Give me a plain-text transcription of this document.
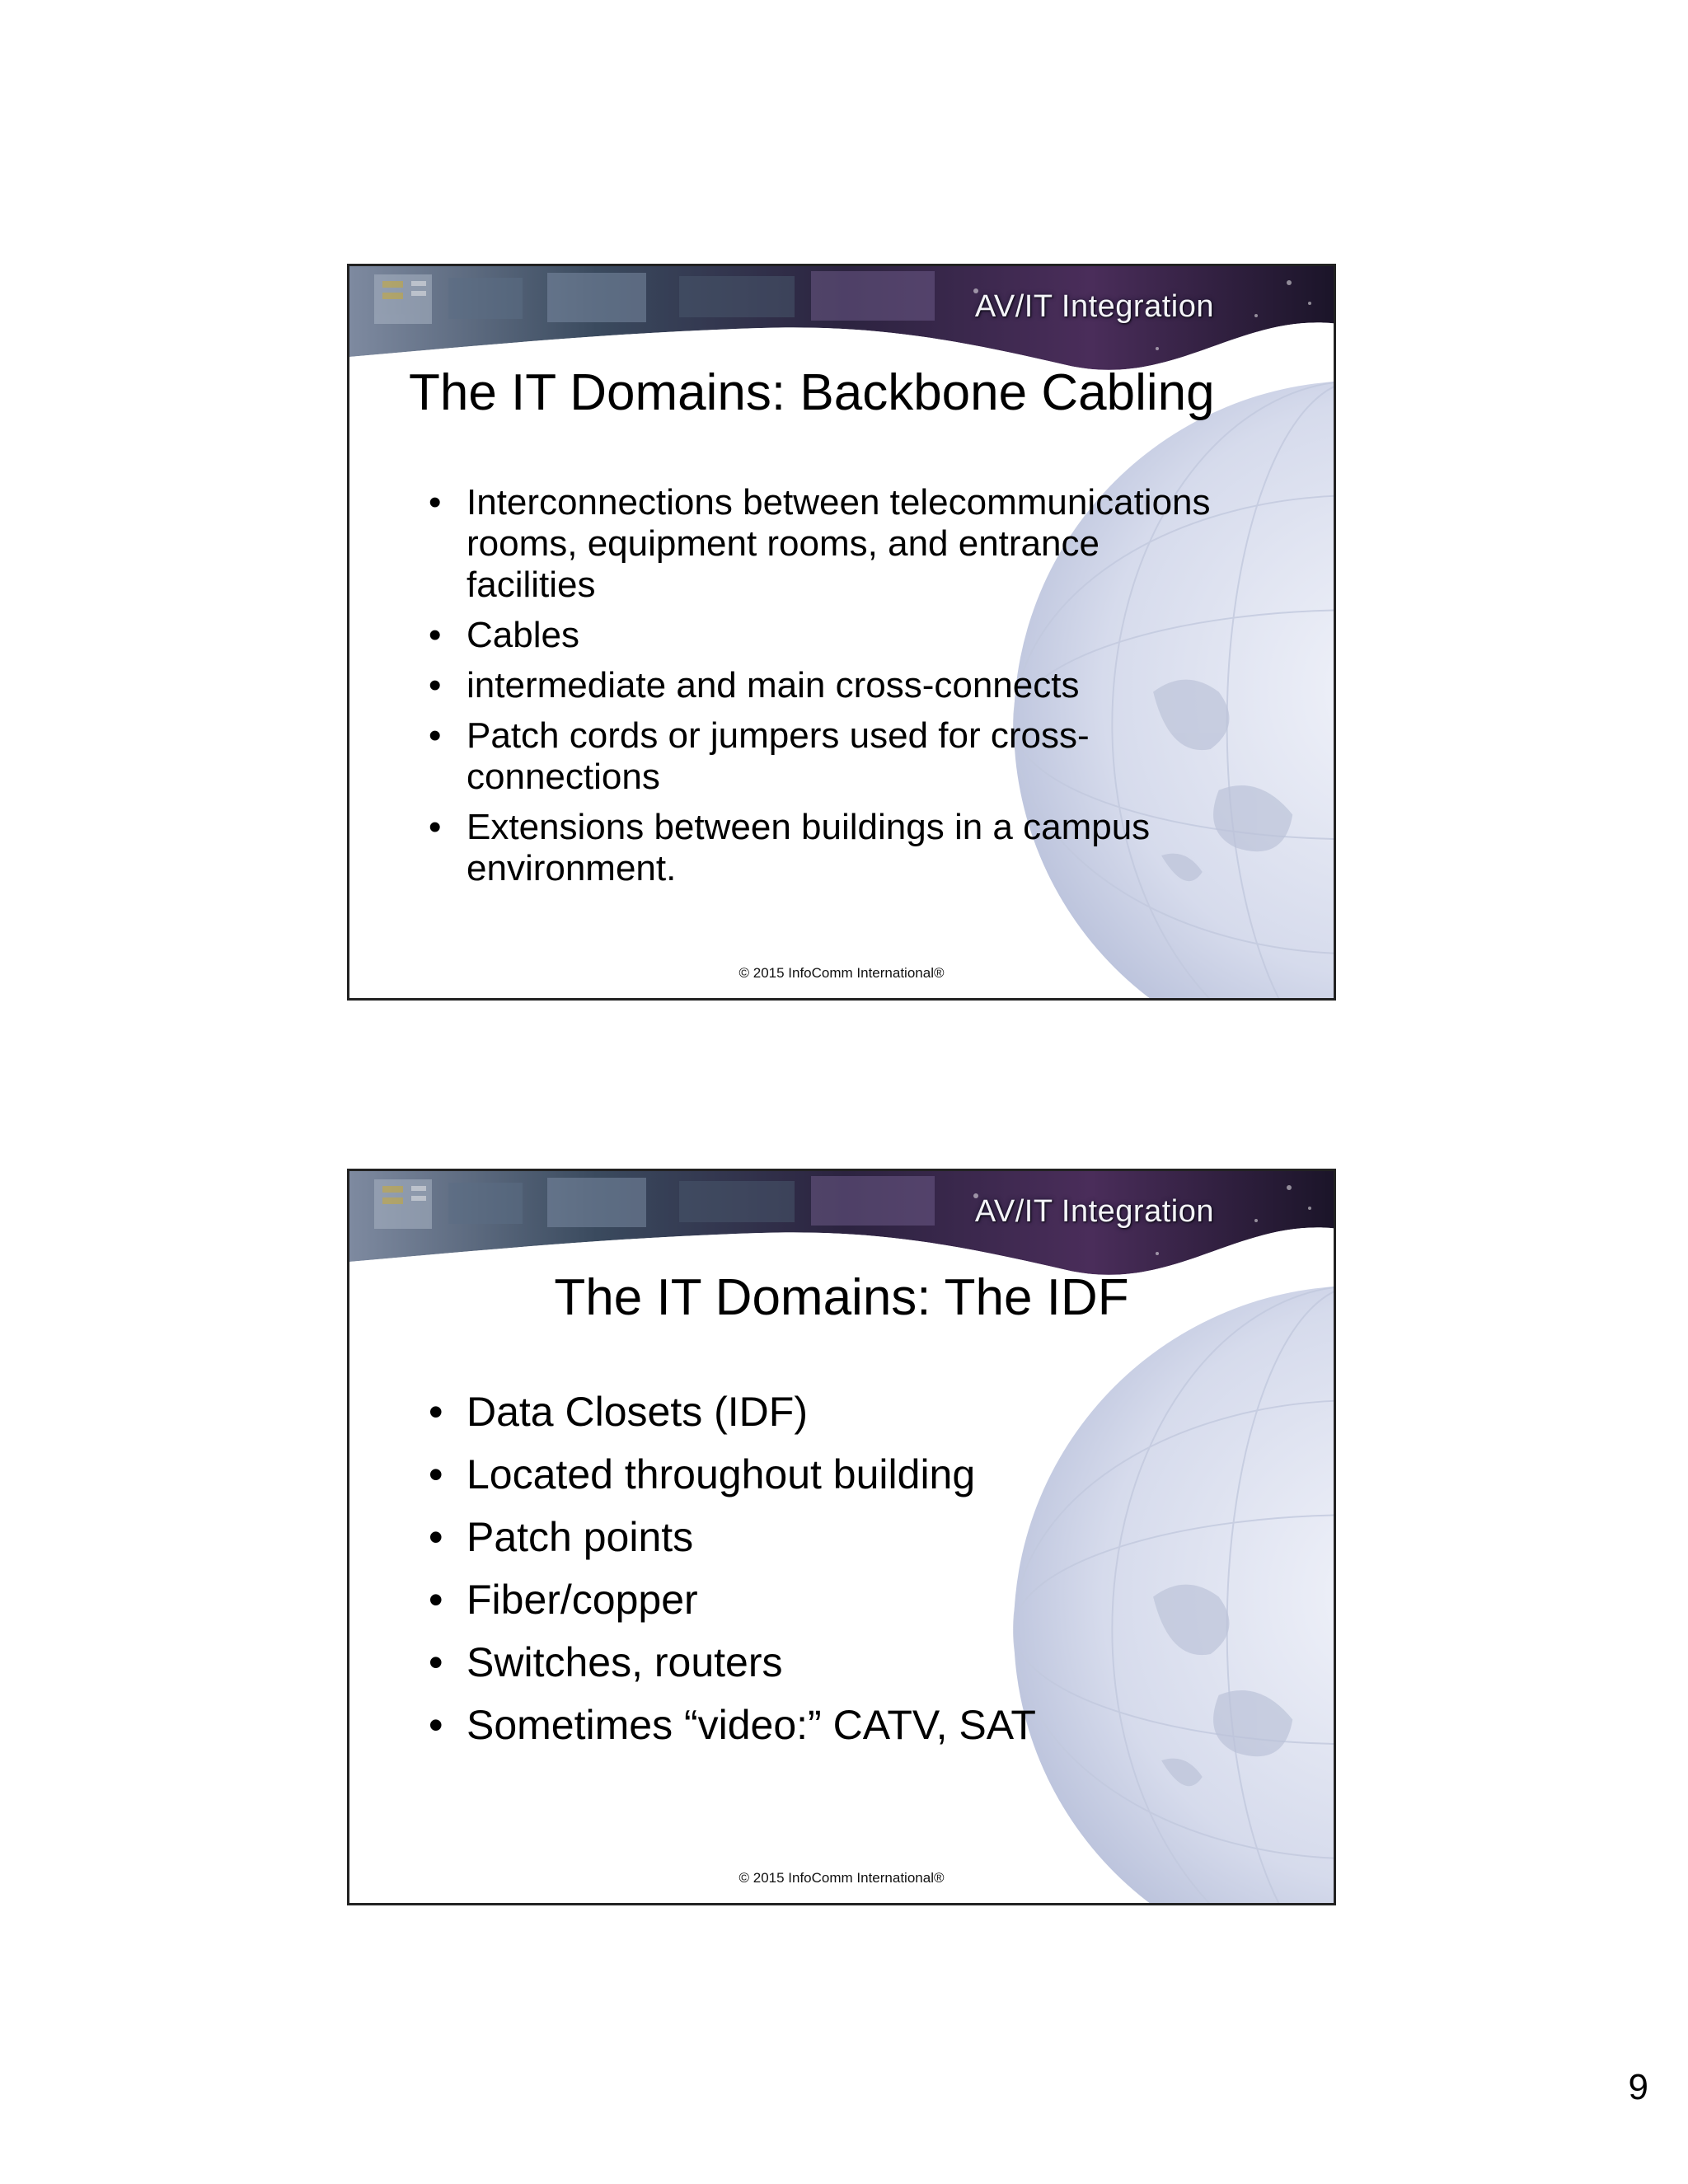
AV/IT Integration
The IT Domains: Backbone Cabling
• Interconnections between telecommunications rooms, equipment rooms, and entrance facilities
• Cables
• intermediate and main cross-connects
• Patch cords or jumpers used for cross-connections
• Extensions between buildings in a campus environment.
© 2015 InfoComm International®
AV/IT Integration
The IT Domains: The IDF
• Data Closets (IDF)
• Located throughout building
• Patch points
• Fiber/copper
• Switches, routers
• Sometimes “video:” CATV, SAT
© 2015 InfoComm International®
9
